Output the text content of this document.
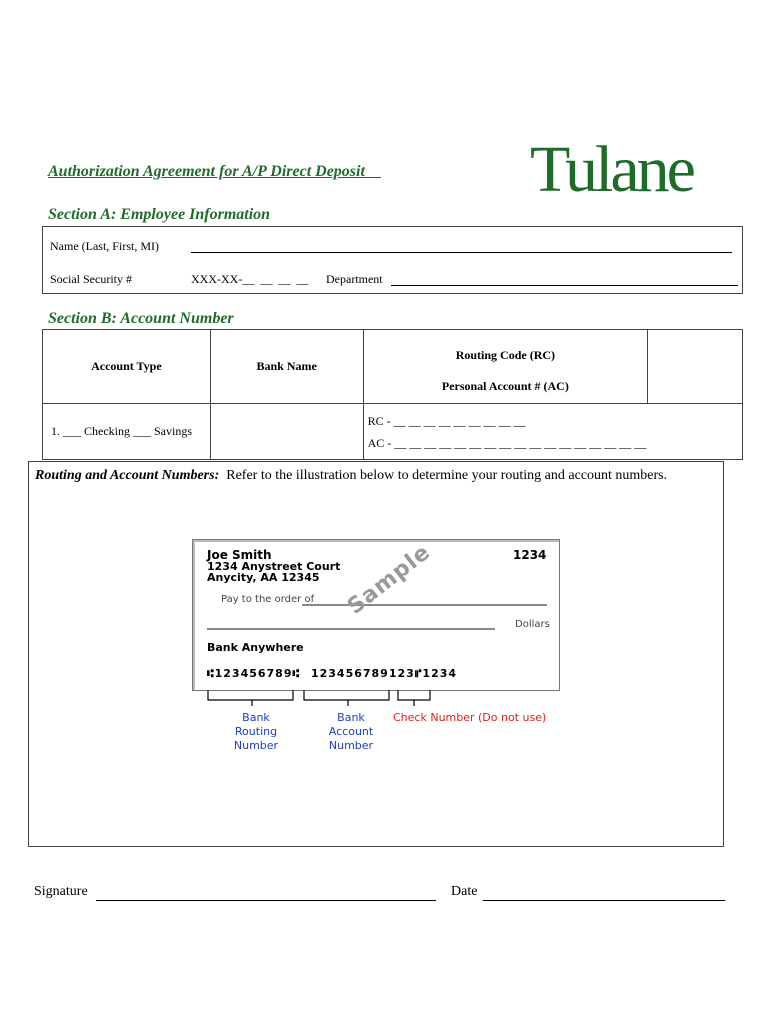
Authorization Agreement for A/P Direct Deposit Tulane
Section A: Employee Information
Name (Last, First, MI)
Social Security #	XXX-XX-__  __  __  __ Department
Section B: Account Number
Account Type	Bank Name	Routing Code (RC)
Personal Account # (AC)	

1. ___ Checking ___ Savings		RC - __ __ __ __ __ __ __ __ __
AC - __ __ __ __ __ __ __ __ __ __ __ __ __ __ __ __ __	
Routing and Account Numbers:  Refer to the illustration below to determine your routing and account numbers.
Joe Smith
1234 Anystreet Court
Anycity, AA 12345
1234
Pay to the order of
Dollars
Sample
Bank Anywhere
⑆123456789⑆ 123456789123⑈1234
Bank
Routing Number
Bank
Account Number
Check Number (Do not use)
Signature	Date
